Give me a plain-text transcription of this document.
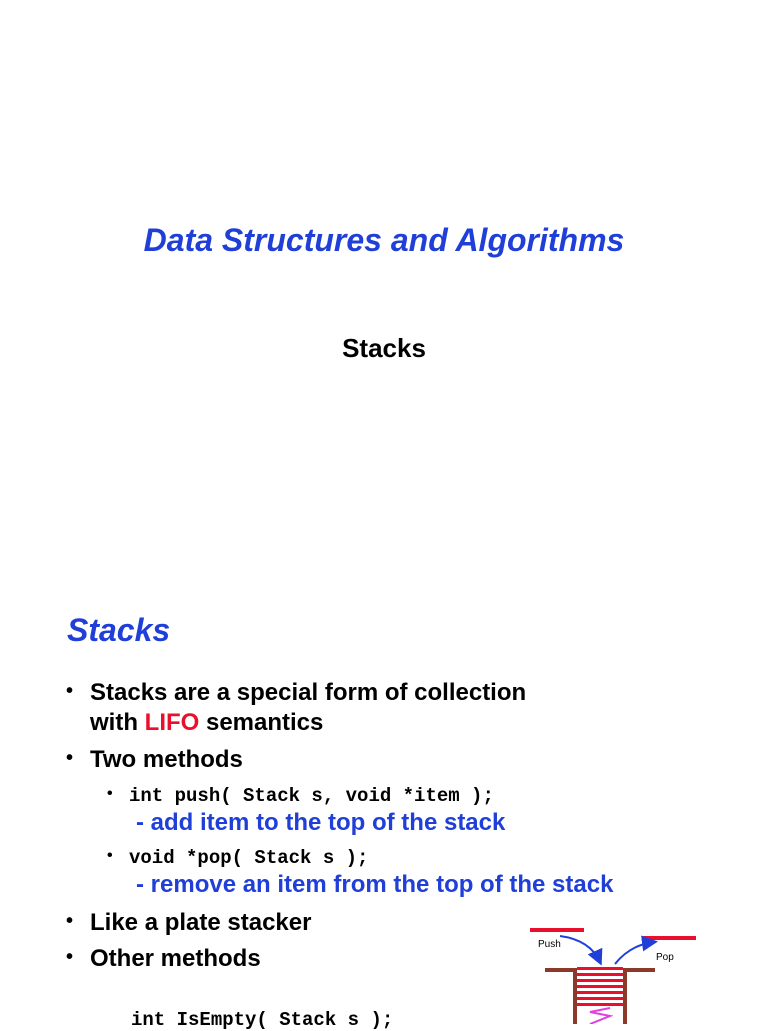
Data Structures and Algorithms
Stacks
Stacks
• Stacks are a special form of collection
with LIFO semantics
• Two methods
• int push( Stack s, void *item );
- add item to the top of the stack
• void *pop( Stack s );
- remove an item from the top of the stack
• Like a plate stacker
• Other methods
int IsEmpty( Stack s );
Push
Pop
